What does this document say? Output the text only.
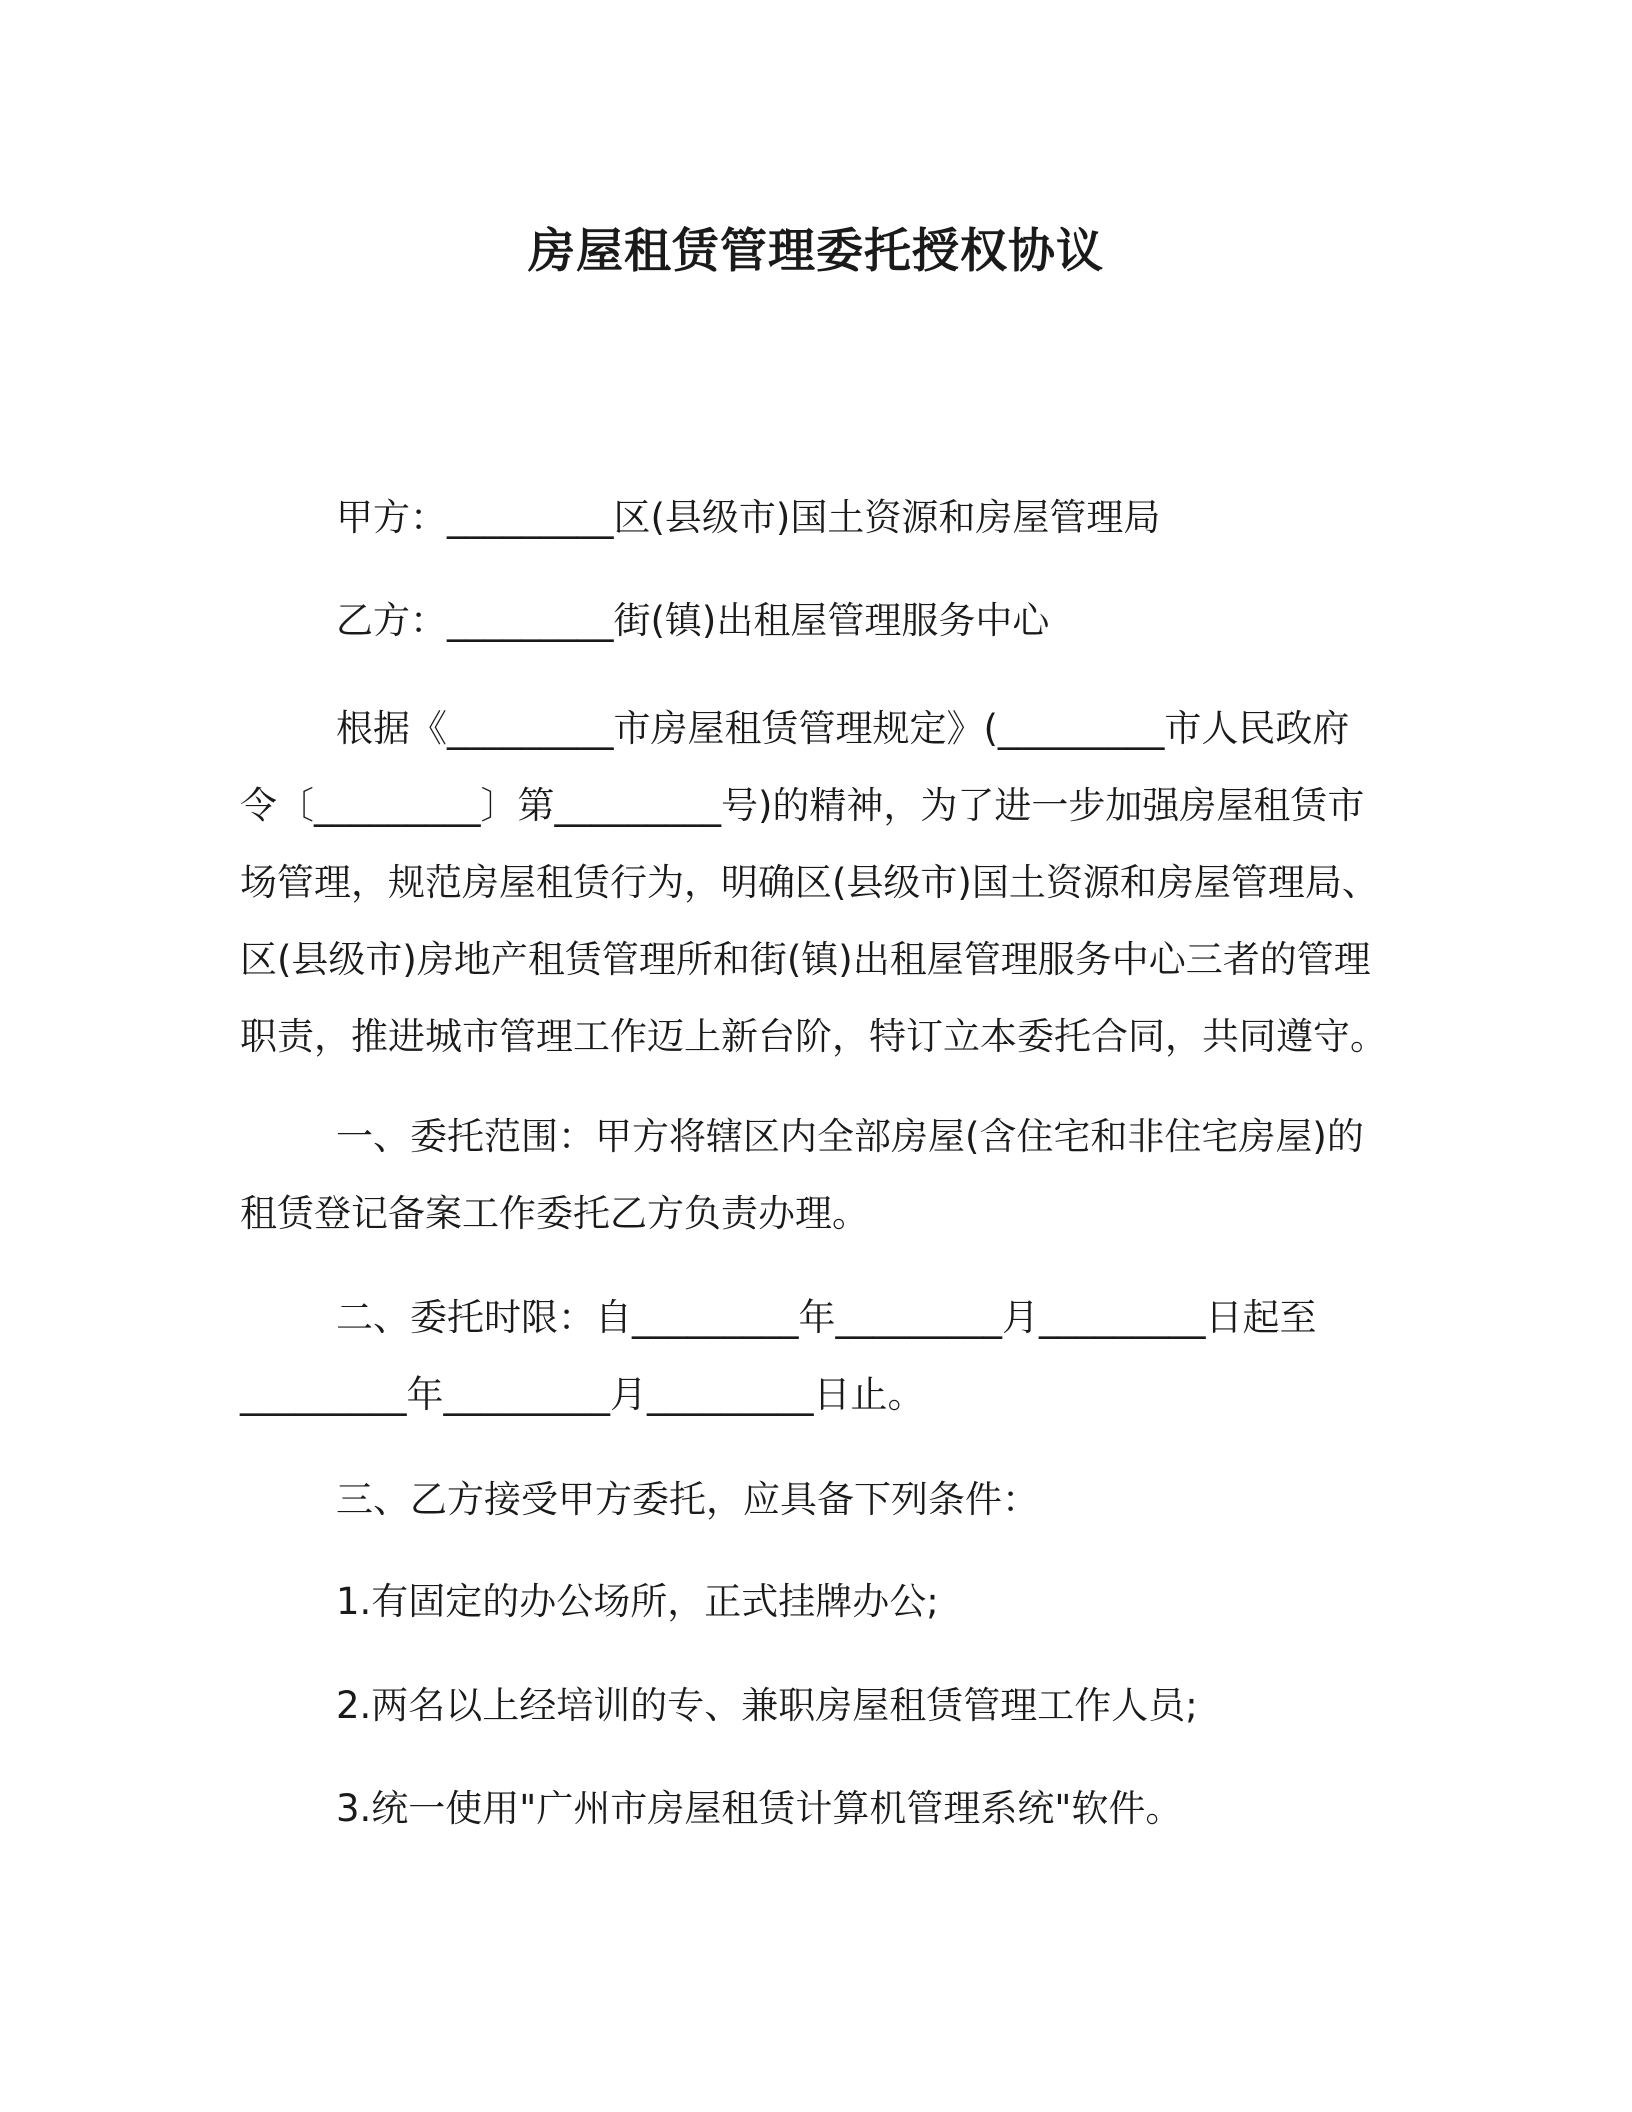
房屋租赁管理委托授权协议

甲方：_________区(县级市)国土资源和房屋管理局

乙方：_________街(镇)出租屋管理服务中心

根据《_________市房屋租赁管理规定》(_________市人民政府
令〔_________〕第_________号)的精神，为了进一步加强房屋租赁市
场管理，规范房屋租赁行为，明确区(县级市)国土资源和房屋管理局、
区(县级市)房地产租赁管理所和街(镇)出租屋管理服务中心三者的管理
职责，推进城市管理工作迈上新台阶，特订立本委托合同，共同遵守。
一、委托范围：甲方将辖区内全部房屋(含住宅和非住宅房屋)的
租赁登记备案工作委托乙方负责办理。
二、委托时限：自_________年_________月_________日起至
_________年_________月_________日止。

三、乙方接受甲方委托，应具备下列条件：

1.有固定的办公场所，正式挂牌办公;

2.两名以上经培训的专、兼职房屋租赁管理工作人员;

3.统一使用"广州市房屋租赁计算机管理系统"软件。
